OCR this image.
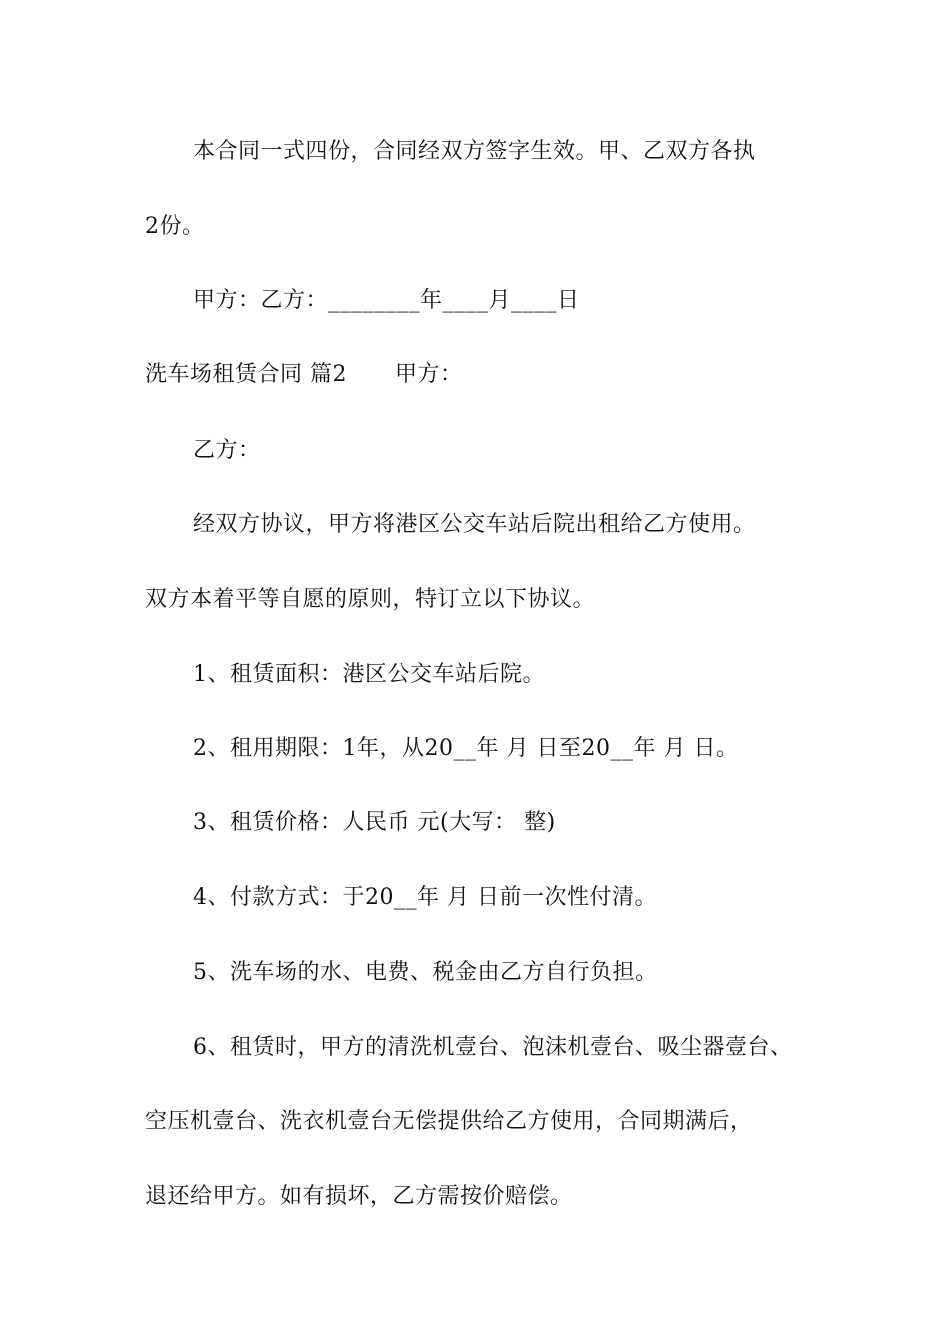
本合同一式四份，合同经双方签字生效。甲、乙双方各执
2份。
甲方：乙方：________年____月____日
洗车场租赁合同 篇2 甲方：
乙方：
经双方协议，甲方将港区公交车站后院出租给乙方使用。
双方本着平等自愿的原则，特订立以下协议。
1、租赁面积：港区公交车站后院。
2、租用期限：1年，从20__年 月 日至20__年 月 日。
3、租赁价格：人民币 元(大写： 整)
4、付款方式：于20__年 月 日前一次性付清。
5、洗车场的水、电费、税金由乙方自行负担。
6、租赁时，甲方的清洗机壹台、泡沫机壹台、吸尘器壹台、
空压机壹台、洗衣机壹台无偿提供给乙方使用，合同期满后，
退还给甲方。如有损坏，乙方需按价赔偿。
